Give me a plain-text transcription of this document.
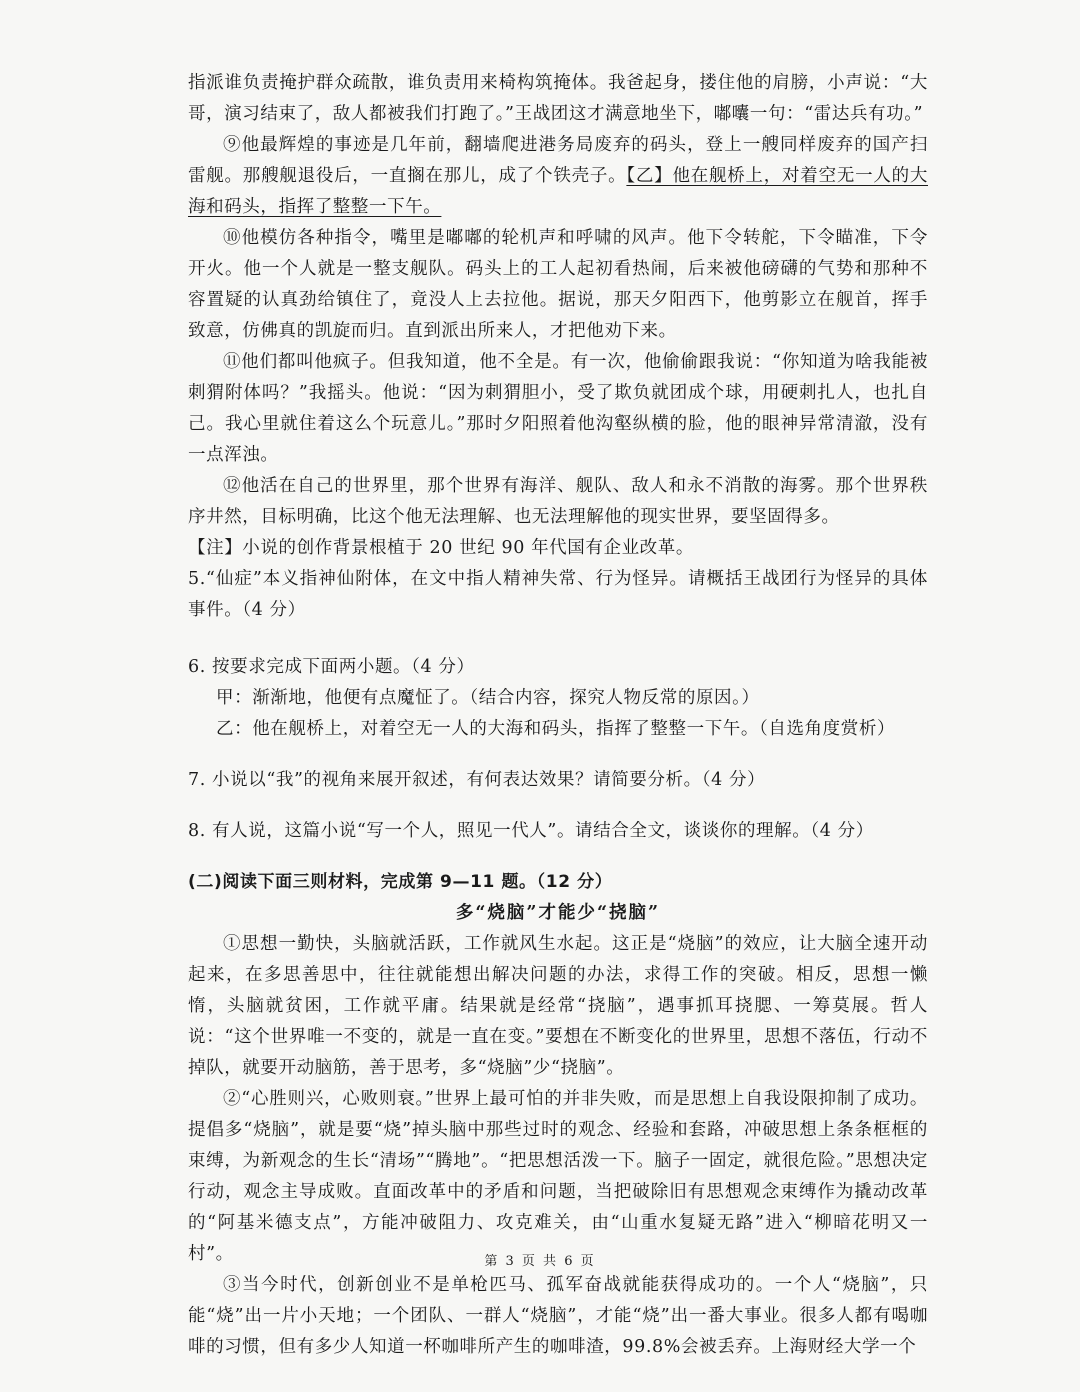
指派谁负责掩护群众疏散，谁负责用来椅构筑掩体。我爸起身，搂住他的肩膀，小声说：“大哥，演习结束了，敌人都被我们打跑了。”王战团这才满意地坐下，嘟囔一句：“雷达兵有功。”

⑨他最辉煌的事迹是几年前，翻墙爬进港务局废弃的码头，登上一艘同样废弃的国产扫雷舰。那艘舰退役后，一直搁在那儿，成了个铁壳子。【乙】他在舰桥上，对着空无一人的大海和码头，指挥了整整一下午。

⑩他模仿各种指令，嘴里是嘟嘟的轮机声和呼啸的风声。他下令转舵，下令瞄准，下令开火。他一个人就是一整支舰队。码头上的工人起初看热闹，后来被他磅礴的气势和那种不容置疑的认真劲给镇住了，竟没人上去拉他。据说，那天夕阳西下，他剪影立在舰首，挥手致意，仿佛真的凯旋而归。直到派出所来人，才把他劝下来。

⑪他们都叫他疯子。但我知道，他不全是。有一次，他偷偷跟我说：“你知道为啥我能被刺猬附体吗？”我摇头。他说：“因为刺猬胆小，受了欺负就团成个球，用硬刺扎人，也扎自己。我心里就住着这么个玩意儿。”那时夕阳照着他沟壑纵横的脸，他的眼神异常清澈，没有一点浑浊。

⑫他活在自己的世界里，那个世界有海洋、舰队、敌人和永不消散的海雾。那个世界秩序井然，目标明确，比这个他无法理解、也无法理解他的现实世界，要坚固得多。

【注】小说的创作背景根植于 20 世纪 90 年代国有企业改革。

5.“仙症”本义指神仙附体，在文中指人精神失常、行为怪异。请概括王战团行为怪异的具体事件。（4 分）

6. 按要求完成下面两小题。（4 分）

甲：渐渐地，他便有点魔怔了。（结合内容，探究人物反常的原因。）

乙：他在舰桥上，对着空无一人的大海和码头，指挥了整整一下午。（自选角度赏析）

7. 小说以“我”的视角来展开叙述，有何表达效果？请简要分析。（4 分）

8. 有人说，这篇小说“写一个人，照见一代人”。请结合全文，谈谈你的理解。（4 分）

(二)阅读下面三则材料，完成第 9—11 题。（12 分）

多“烧脑”才能少“挠脑”

①思想一勤快，头脑就活跃，工作就风生水起。这正是“烧脑”的效应，让大脑全速开动起来，在多思善思中，往往就能想出解决问题的办法，求得工作的突破。相反，思想一懒惰，头脑就贫困，工作就平庸。结果就是经常“挠脑”，遇事抓耳挠腮、一筹莫展。哲人说：“这个世界唯一不变的，就是一直在变。”要想在不断变化的世界里，思想不落伍，行动不掉队，就要开动脑筋，善于思考，多“烧脑”少“挠脑”。

②“心胜则兴，心败则衰。”世界上最可怕的并非失败，而是思想上自我设限抑制了成功。提倡多“烧脑”，就是要“烧”掉头脑中那些过时的观念、经验和套路，冲破思想上条条框框的束缚，为新观念的生长“清场”“腾地”。“把思想活泼一下。脑子一固定，就很危险。”思想决定行动，观念主导成败。直面改革中的矛盾和问题，当把破除旧有思想观念束缚作为撬动改革的“阿基米德支点”，方能冲破阻力、攻克难关，由“山重水复疑无路”进入“柳暗花明又一村”。

③当今时代，创新创业不是单枪匹马、孤军奋战就能获得成功的。一个人“烧脑”，只能“烧”出一片小天地；一个团队、一群人“烧脑”，才能“烧”出一番大事业。很多人都有喝咖啡的习惯，但有多少人知道一杯咖啡所产生的咖啡渣，99.8%会被丢弃。上海财经大学一个

第 3 页 共 6 页
